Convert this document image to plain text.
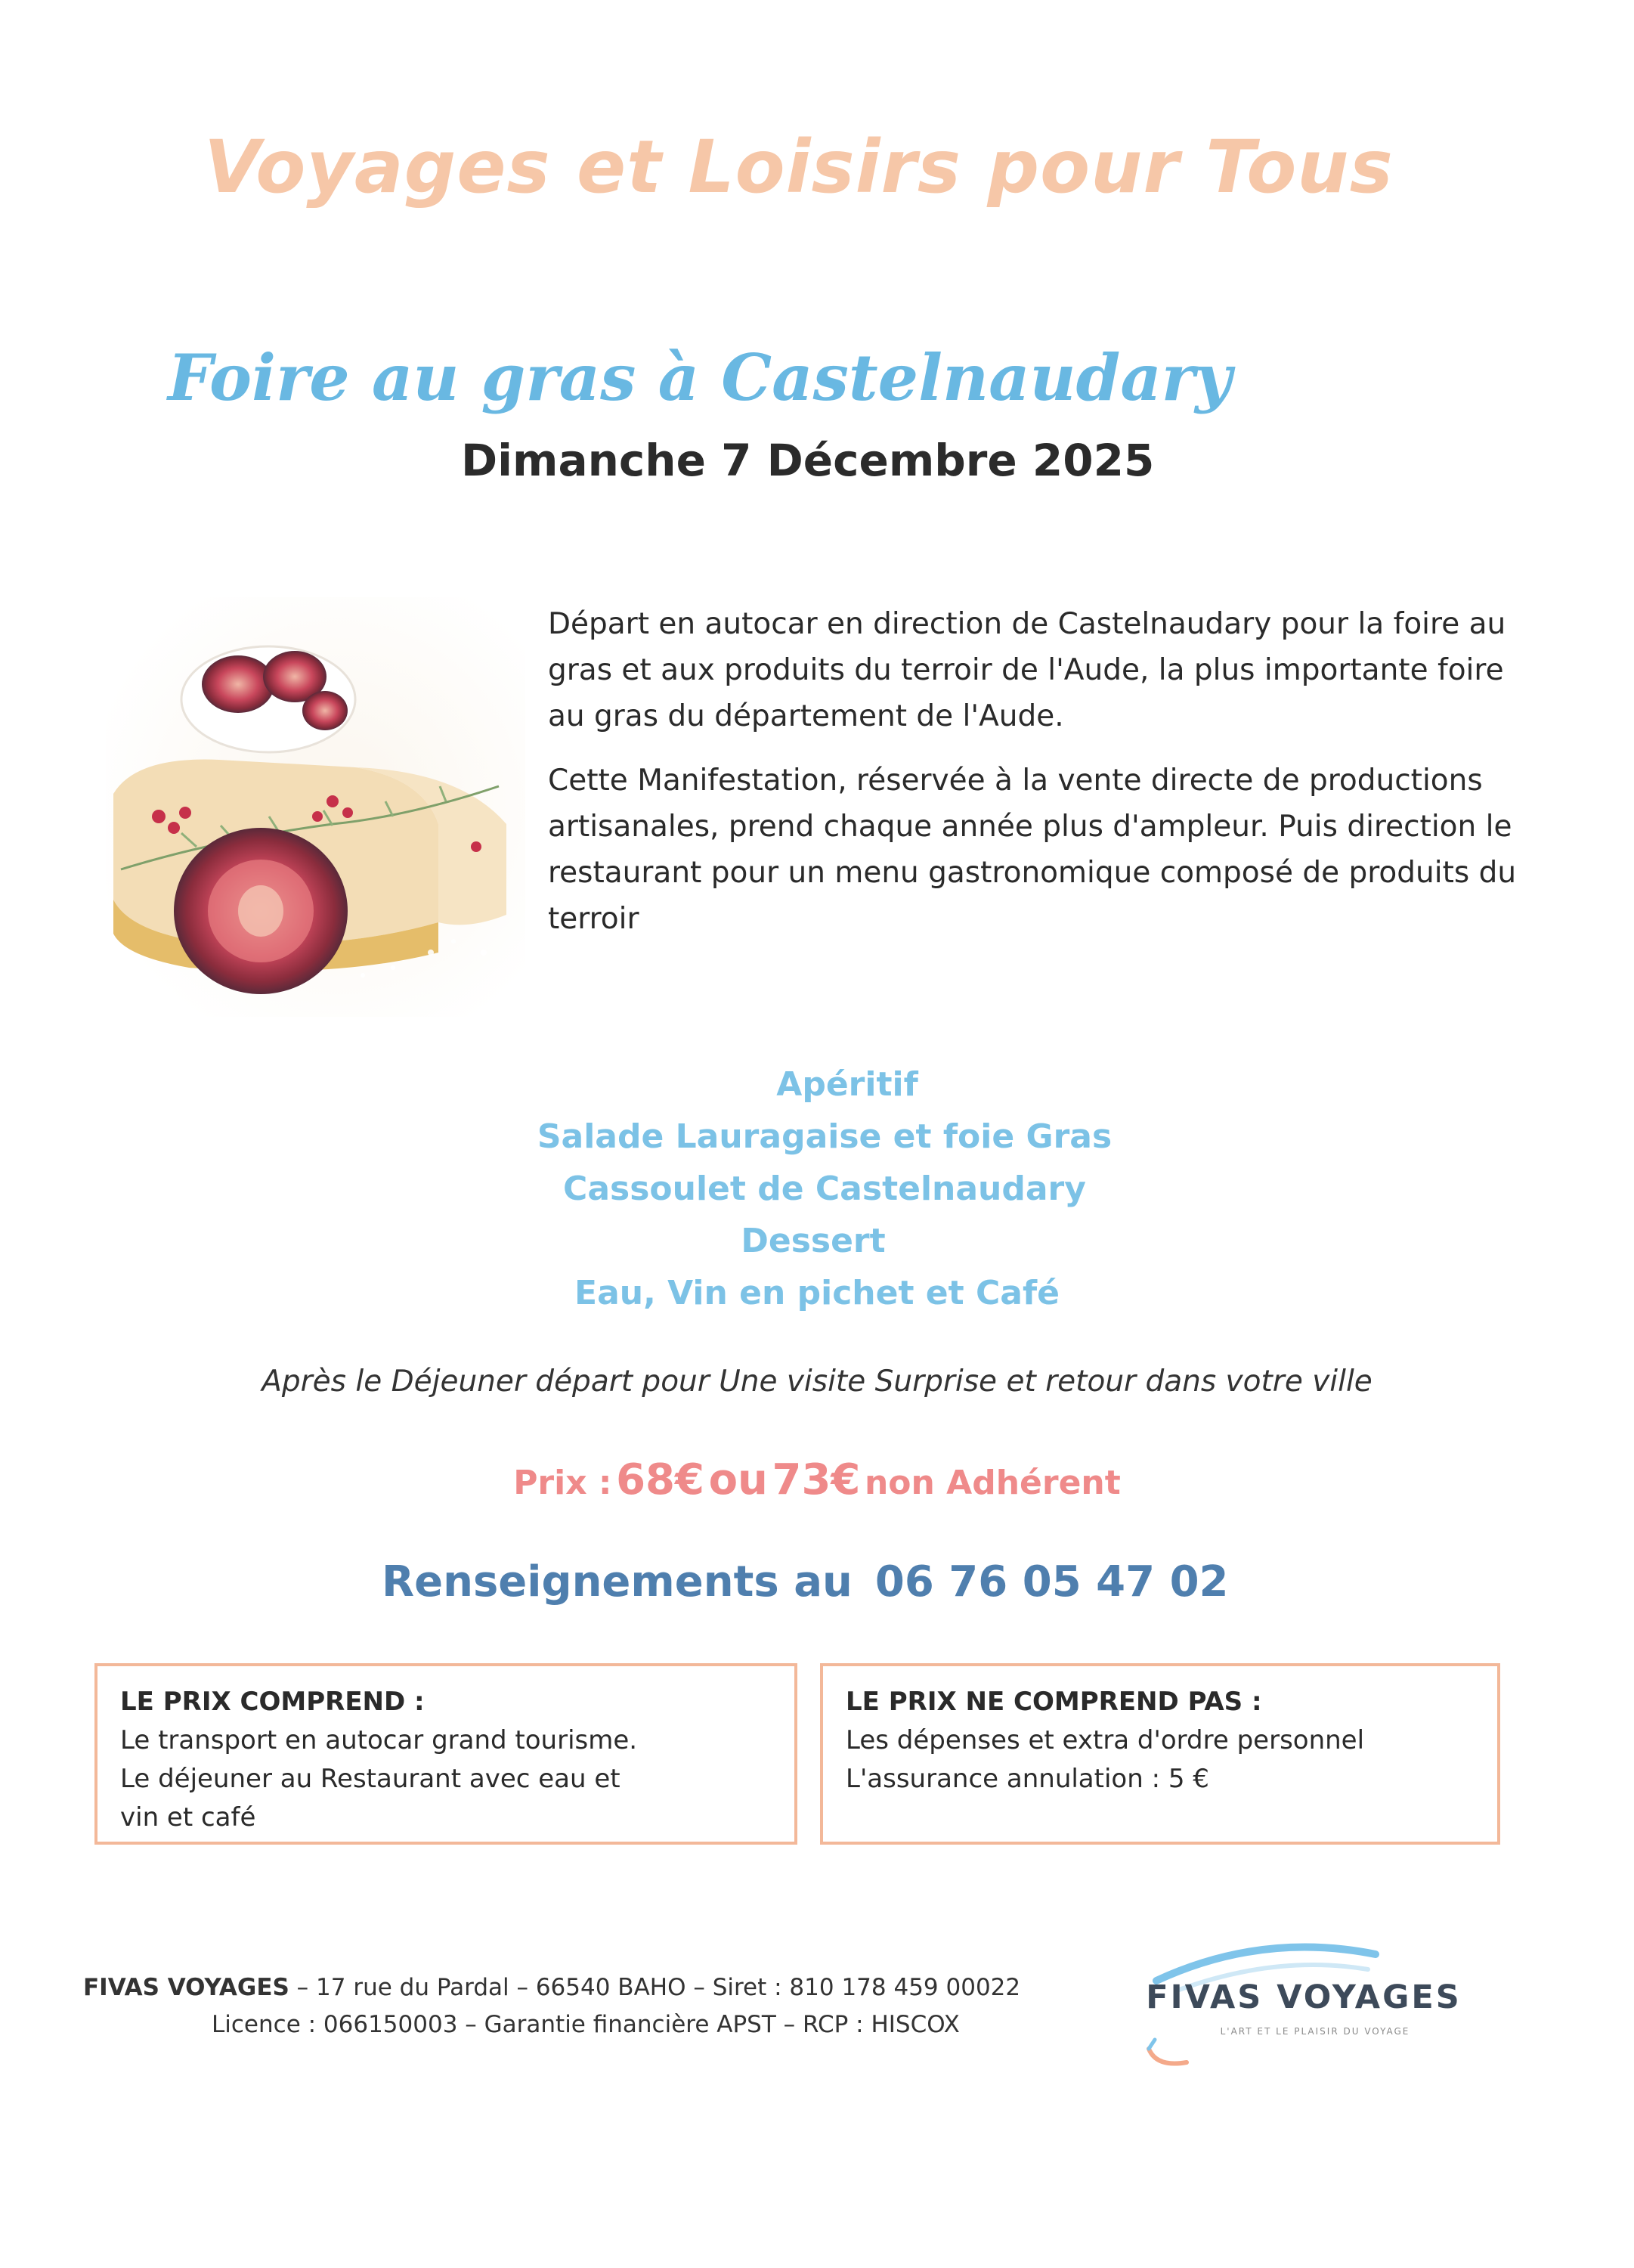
Voyages et Loisirs pour Tous
Foire au gras à Castelnaudary
Dimanche 7 Décembre 2025

Départ en autocar en direction de Castelnaudary pour la foire au gras et aux produits du terroir de l'Aude, la plus importante foire au gras du département de l'Aude.

Cette Manifestation, réservée à la vente directe de productions artisanales, prend chaque année plus d'ampleur. Puis direction le restaurant pour un menu gastronomique composé de produits du terroir

Apéritif
Salade Lauragaise et foie Gras
Cassoulet de Castelnaudary
Dessert
Eau, Vin en pichet et Café
Après le Déjeuner départ pour Une visite Surprise et retour dans votre ville
Prix : 68€ ou 73€ non Adhérent
Renseignements au 06 76 05 47 02
LE PRIX COMPREND :
Le transport en autocar grand tourisme.
Le déjeuner au Restaurant avec eau et
vin et café
LE PRIX NE COMPREND PAS :
Les dépenses et extra d'ordre personnel
L'assurance annulation : 5 €
FIVAS VOYAGES – 17 rue du Pardal – 66540 BAHO – Siret : 810 178 459 00022
Licence : 066150003 – Garantie financière APST – RCP : HISCOX
FIVAS VOYAGES
L'ART ET LE PLAISIR DU VOYAGE
